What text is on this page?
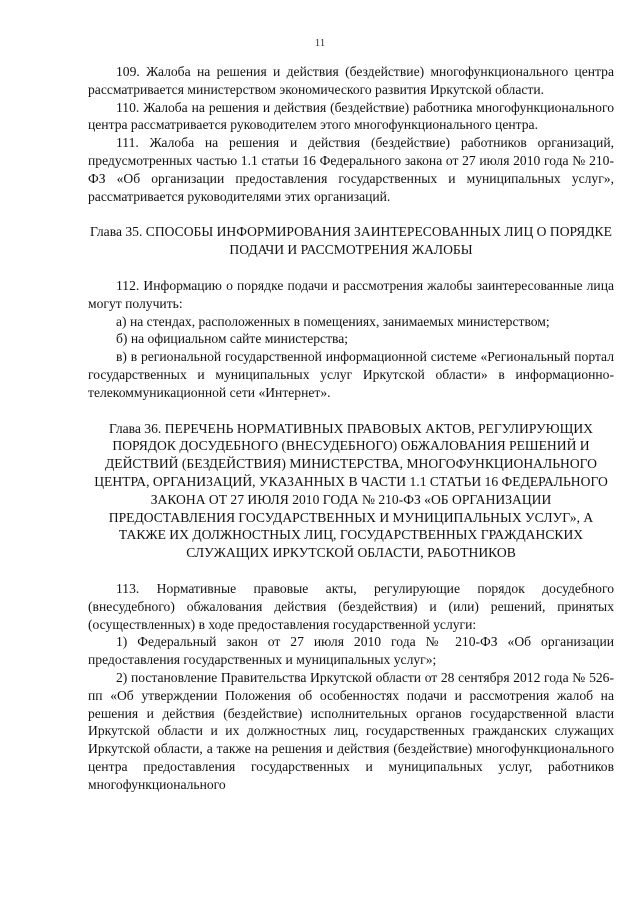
11

109. Жалоба на решения и действия (бездействие) многофункционального центра рассматривается министерством экономического развития Иркутской области.

110. Жалоба на решения и действия (бездействие) работника многофункционального центра рассматривается руководителем этого многофункционального центра.

111. Жалоба на решения и действия (бездействие) работников организаций, предусмотренных частью 1.1 статьи 16 Федерального закона от 27 июля 2010 года № 210-ФЗ «Об организации предоставления государственных и муниципальных услуг», рассматривается руководителями этих организаций.

Глава 35. СПОСОБЫ ИНФОРМИРОВАНИЯ ЗАИНТЕРЕСОВАННЫХ ЛИЦ О ПОРЯДКЕ ПОДАЧИ И РАССМОТРЕНИЯ ЖАЛОБЫ

112. Информацию о порядке подачи и рассмотрения жалобы заинтересованные лица могут получить:

а) на стендах, расположенных в помещениях, занимаемых министерством;

б) на официальном сайте министерства;

в) в региональной государственной информационной системе «Региональный портал государственных и муниципальных услуг Иркутской области» в информационно-телекоммуникационной сети «Интернет».

Глава 36. ПЕРЕЧЕНЬ НОРМАТИВНЫХ ПРАВОВЫХ АКТОВ, РЕГУЛИРУЮЩИХ ПОРЯДОК ДОСУДЕБНОГО (ВНЕСУДЕБНОГО) ОБЖАЛОВАНИЯ РЕШЕНИЙ И ДЕЙСТВИЙ (БЕЗДЕЙСТВИЯ) МИНИСТЕРСТВА, МНОГОФУНКЦИОНАЛЬНОГО ЦЕНТРА, ОРГАНИЗАЦИЙ, УКАЗАННЫХ В ЧАСТИ 1.1 СТАТЬИ 16 ФЕДЕРАЛЬНОГО ЗАКОНА ОТ 27 ИЮЛЯ 2010 ГОДА № 210-ФЗ «ОБ ОРГАНИЗАЦИИ ПРЕДОСТАВЛЕНИЯ ГОСУДАРСТВЕННЫХ И МУНИЦИПАЛЬНЫХ УСЛУГ», А ТАКЖЕ ИХ ДОЛЖНОСТНЫХ ЛИЦ, ГОСУДАРСТВЕННЫХ ГРАЖДАНСКИХ СЛУЖАЩИХ ИРКУТСКОЙ ОБЛАСТИ, РАБОТНИКОВ

113. Нормативные правовые акты, регулирующие порядок досудебного (внесудебного) обжалования действия (бездействия) и (или) решений, принятых (осуществленных) в ходе предоставления государственной услуги:

1) Федеральный закон от 27 июля 2010 года № 210-ФЗ «Об организации предоставления государственных и муниципальных услуг»;

2) постановление Правительства Иркутской области от 28 сентября 2012 года № 526-пп «Об утверждении Положения об особенностях подачи и рассмотрения жалоб на решения и действия (бездействие) исполнительных органов государственной власти Иркутской области и их должностных лиц, государственных гражданских служащих Иркутской области, а также на решения и действия (бездействие) многофункционального центра предоставления государственных и муниципальных услуг, работников многофункционального
